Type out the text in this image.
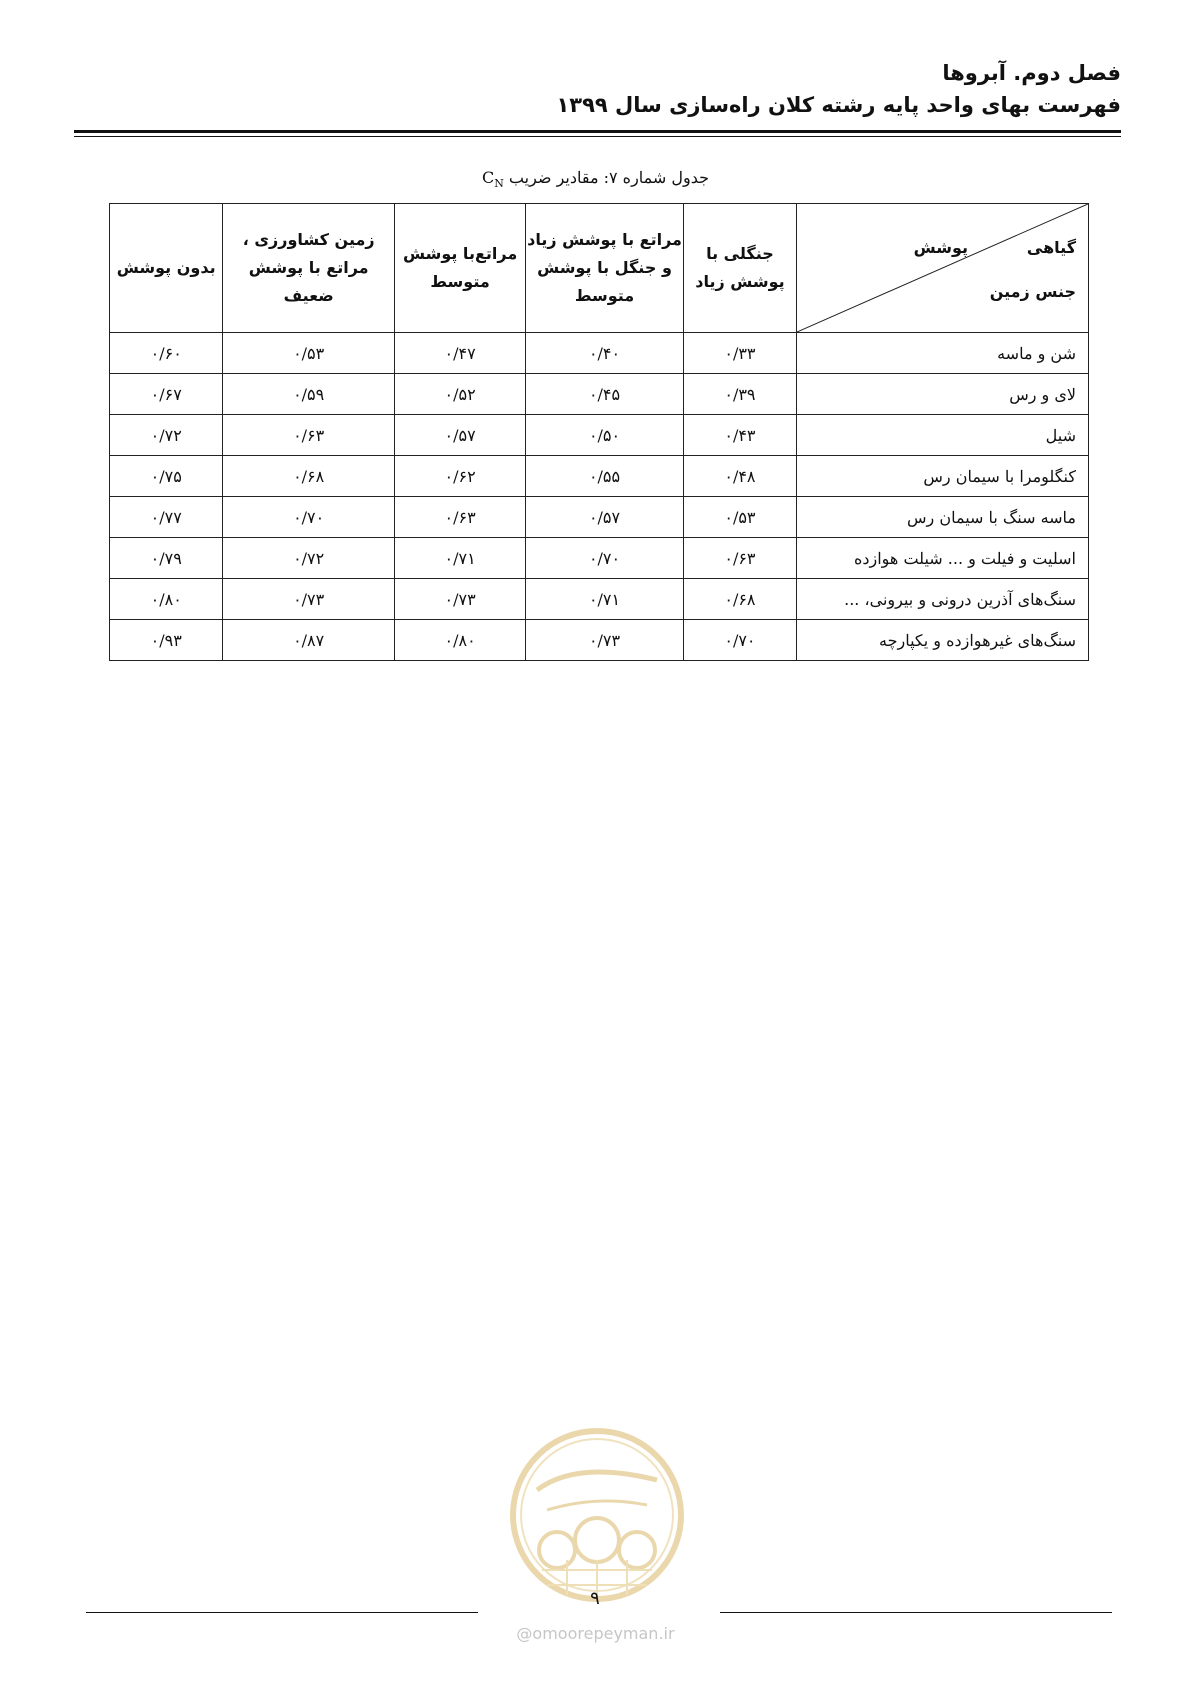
فصل دوم. آبروها
فهرست بهای واحد پایه رشته کلان راه‌سازی سال ۱۳۹۹
جدول شماره ۷: مقادیر ضریب $C_N$
پوشش گیاهی
جنس زمین	جنگلی با پوشش زیاد	مراتع با پوشش زیاد و جنگل با پوشش متوسط	مراتع‌با پوشش متوسط	زمین کشاورزی ، مراتع با پوشش ضعیف	بدون پوشش
شن و ماسه	۰/۳۳	۰/۴۰	۰/۴۷	۰/۵۳	۰/۶۰
لای و رس	۰/۳۹	۰/۴۵	۰/۵۲	۰/۵۹	۰/۶۷
شیل	۰/۴۳	۰/۵۰	۰/۵۷	۰/۶۳	۰/۷۲
کنگلومرا با سیمان رس	۰/۴۸	۰/۵۵	۰/۶۲	۰/۶۸	۰/۷۵
ماسه سنگ با سیمان رس	۰/۵۳	۰/۵۷	۰/۶۳	۰/۷۰	۰/۷۷
اسلیت و فیلت و ... شیلت هوازده	۰/۶۳	۰/۷۰	۰/۷۱	۰/۷۲	۰/۷۹
سنگ‌های آذرین درونی و بیرونی، ...	۰/۶۸	۰/۷۱	۰/۷۳	۰/۷۳	۰/۸۰
سنگ‌های غیرهوازده و یکپارچه	۰/۷۰	۰/۷۳	۰/۸۰	۰/۸۷	۰/۹۳
۹
@omoorepeyman.ir
